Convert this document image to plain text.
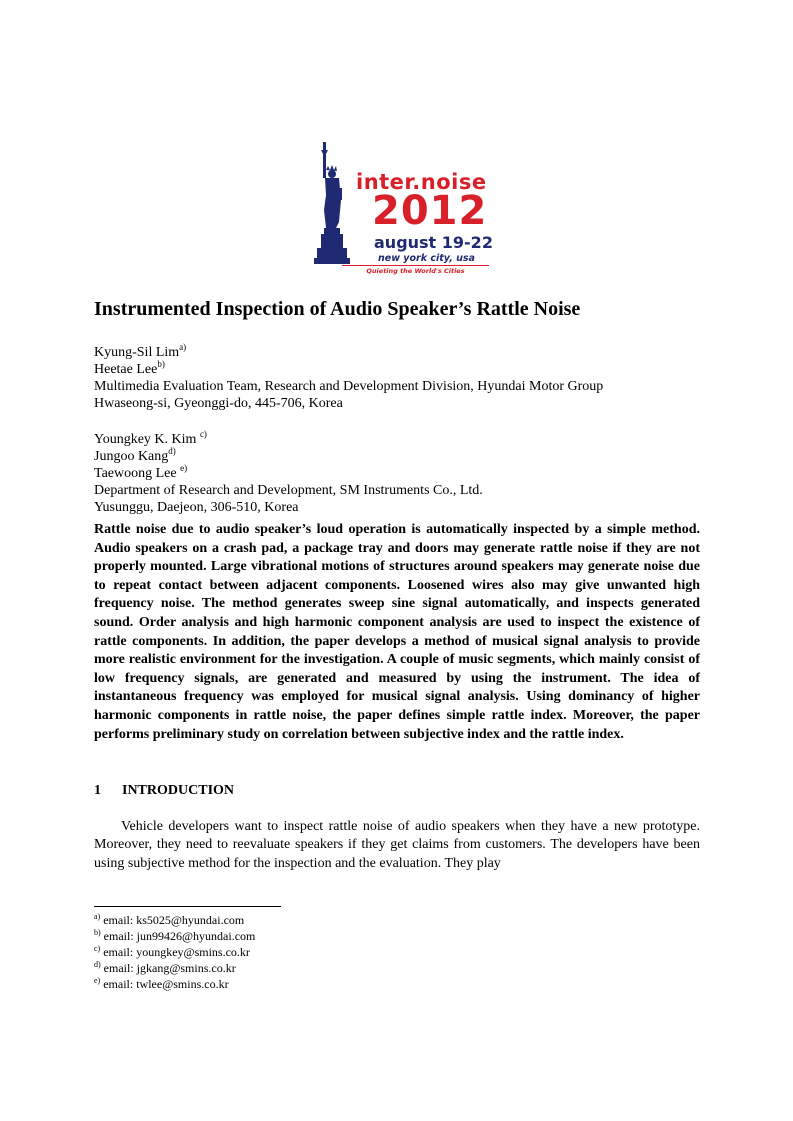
inter.noise
2012
august 19-22
new york city, usa
Quieting the World's Cities
Instrumented Inspection of Audio Speaker’s Rattle Noise
Kyung-Sil Lim$^{a)}$
Heetae Lee$^{b)}$
Multimedia Evaluation Team, Research and Development Division, Hyundai Motor Group
Hwaseong-si, Gyeonggi-do, 445-706, Korea
Youngkey K. Kim $^{c)}$
Jungoo Kang$^{d)}$
Taewoong Lee $^{e)}$
Department of Research and Development, SM Instruments Co., Ltd.
Yusunggu, Daejeon, 306-510, Korea

Rattle noise due to audio speaker’s loud operation is automatically inspected by a simple method. Audio speakers on a crash pad, a package tray and doors may generate rattle noise if they are not properly mounted. Large vibrational motions of structures around speakers may generate noise due to repeat contact between adjacent components. Loosened wires also may give unwanted high frequency noise. The method generates sweep sine signal automatically, and inspects generated sound. Order analysis and high harmonic component analysis are used to inspect the existence of rattle components. In addition, the paper develops a method of musical signal analysis to provide more realistic environment for the investigation. A couple of music segments, which mainly consist of low frequency signals, are generated and measured by using the instrument. The idea of instantaneous frequency was employed for musical signal analysis. Using dominancy of higher harmonic components in rattle noise, the paper defines simple rattle index. Moreover, the paper performs preliminary study on correlation between subjective index and the rattle index.

1 INTRODUCTION

Vehicle developers want to inspect rattle noise of audio speakers when they have a new prototype. Moreover, they need to reevaluate speakers if they get claims from customers. The developers have been using subjective method for the inspection and the evaluation. They play

$^{a)}$ email: ks5025@hyundai.com
$^{b)}$ email: jun99426@hyundai.com
$^{c)}$ email: youngkey@smins.co.kr
$^{d)}$ email: jgkang@smins.co.kr
$^{e)}$ email: twlee@smins.co.kr
